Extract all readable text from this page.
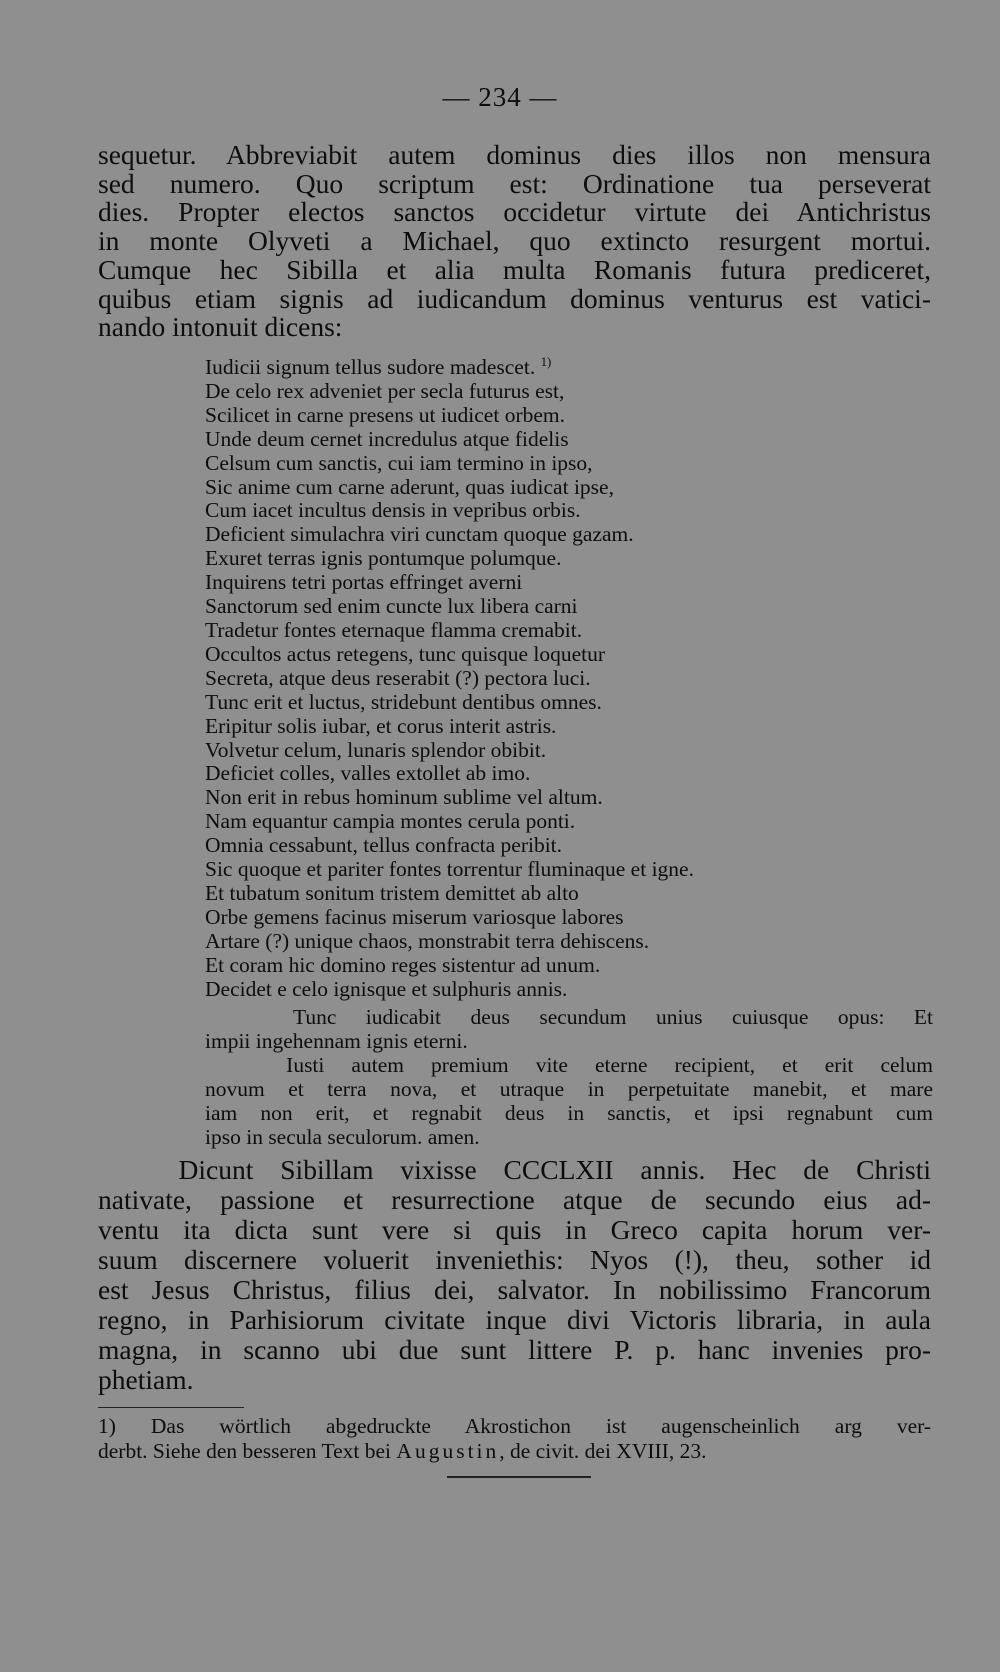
— 234 —

sequetur. Abbreviabit autem dominus dies illos non mensura

sed numero. Quo scriptum est: Ordinatione tua perseverat

dies. Propter electos sanctos occidetur virtute dei Antichristus

in monte Olyveti a Michael, quo extincto resurgent mortui.

Cumque hec Sibilla et alia multa Romanis futura prediceret,

quibus etiam signis ad iudicandum dominus venturus est vatici-

nando intonuit dicens:

Iudicii signum tellus sudore madescet. $^{1)}$

De celo rex adveniet per secla futurus est,

Scilicet in carne presens ut iudicet orbem.

Unde deum cernet incredulus atque fidelis

Celsum cum sanctis, cui iam termino in ipso,

Sic anime cum carne aderunt, quas iudicat ipse,

Cum iacet incultus densis in vepribus orbis.

Deficient simulachra viri cunctam quoque gazam.

Exuret terras ignis pontumque polumque.

Inquirens tetri portas effringet averni

Sanctorum sed enim cuncte lux libera carni

Tradetur fontes eternaque flamma cremabit.

Occultos actus retegens, tunc quisque loquetur

Secreta, atque deus reserabit (?) pectora luci.

Tunc erit et luctus, stridebunt dentibus omnes.

Eripitur solis iubar, et corus interit astris.

Volvetur celum, lunaris splendor obibit.

Deficiet colles, valles extollet ab imo.

Non erit in rebus hominum sublime vel altum.

Nam equantur campia montes cerula ponti.

Omnia cessabunt, tellus confracta peribit.

Sic quoque et pariter fontes torrentur fluminaque et igne.

Et tubatum sonitum tristem demittet ab alto

Orbe gemens facinus miserum variosque labores

Artare (?) unique chaos, monstrabit terra dehiscens.

Et coram hic domino reges sistentur ad unum.

Decidet e celo ignisque et sulphuris annis.

Tunc iudicabit deus secundum unius cuiusque opus: Et

impii ingehennam ignis eterni.

Iusti autem premium vite eterne recipient, et erit celum

novum et terra nova, et utraque in perpetuitate manebit, et mare

iam non erit, et regnabit deus in sanctis, et ipsi regnabunt cum

ipso in secula seculorum. amen.

Dicunt Sibillam vixisse CCCLXII annis. Hec de Christi

nativate, passione et resurrectione atque de secundo eius ad-

ventu ita dicta sunt vere si quis in Greco capita horum ver-

suum discernere voluerit inveniethis: Nyos (!), theu, sother id

est Jesus Christus, filius dei, salvator. In nobilissimo Francorum

regno, in Parhisiorum civitate inque divi Victoris libraria, in aula

magna, in scanno ubi due sunt littere P. p. hanc invenies pro-

phetiam.

1) Das wörtlich abgedruckte Akrostichon ist augenscheinlich arg ver-

derbt. Siehe den besseren Text bei Augustin, de civit. dei XVIII, 23.
